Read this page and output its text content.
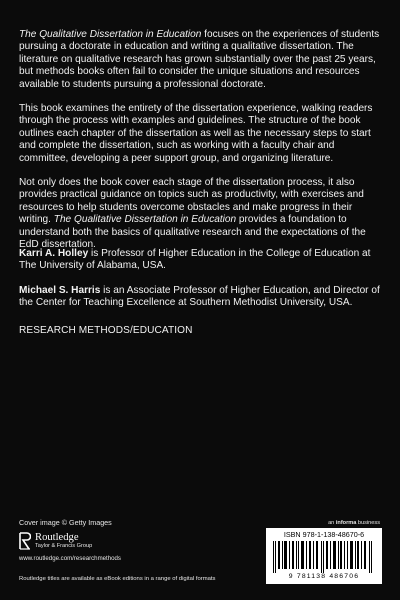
The Qualitative Dissertation in Education focuses on the experiences of students pursuing a doctorate in education and writing a qualitative dissertation. The literature on qualitative research has grown substantially over the past 25 years, but methods books often fail to consider the unique situations and resources available to students pursuing a professional doctorate.

This book examines the entirety of the dissertation experience, walking readers through the process with examples and guidelines. The structure of the book outlines each chapter of the dissertation as well as the necessary steps to start and complete the dissertation, such as working with a faculty chair and committee, developing a peer support group, and organizing literature.

Not only does the book cover each stage of the dissertation process, it also provides practical guidance on topics such as productivity, with exercises and resources to help students overcome obstacles and make progress in their writing. The Qualitative Dissertation in Education provides a foundation to understand both the basics of qualitative research and the expectations of the EdD dissertation.

Karri A. Holley is Professor of Higher Education in the College of Education at The University of Alabama, USA.

Michael S. Harris is an Associate Professor of Higher Education, and Director of the Center for Teaching Excellence at Southern Methodist University, USA.

RESEARCH METHODS/EDUCATION
Cover image © Getty Images	an informa business
Routledge
Taylor & Francis Group
www.routledge.com/researchmethods
Routledge titles are available as eBook editions in a range of digital formats
ISBN 978-1-138-48670-6
9 781138 486706
